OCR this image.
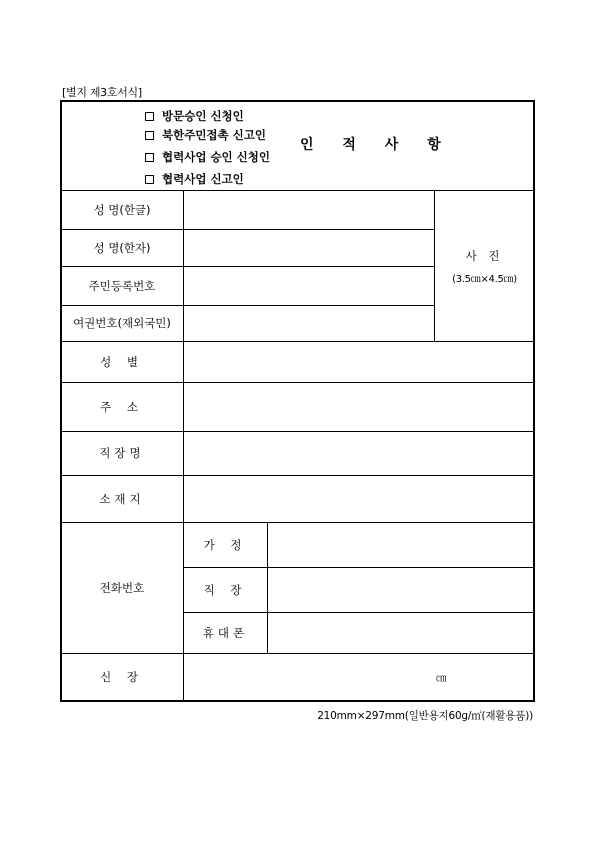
[별지 제3호서식]
방문승인 신청인
북한주민접촉 신고인
협력사업 승인 신청인
협력사업 신고인
인 적 사 항
성 명(한글)
성 명(한자)
주민등록번호
여권번호(재외국민)
성 별
주 소
직장명
소재지
전화번호
신 장
사 진
(3.5㎝×4.5㎝)
가 정
직 장
휴대폰
㎝
210mm×297mm(일반용지60g/㎡(재활용품))
